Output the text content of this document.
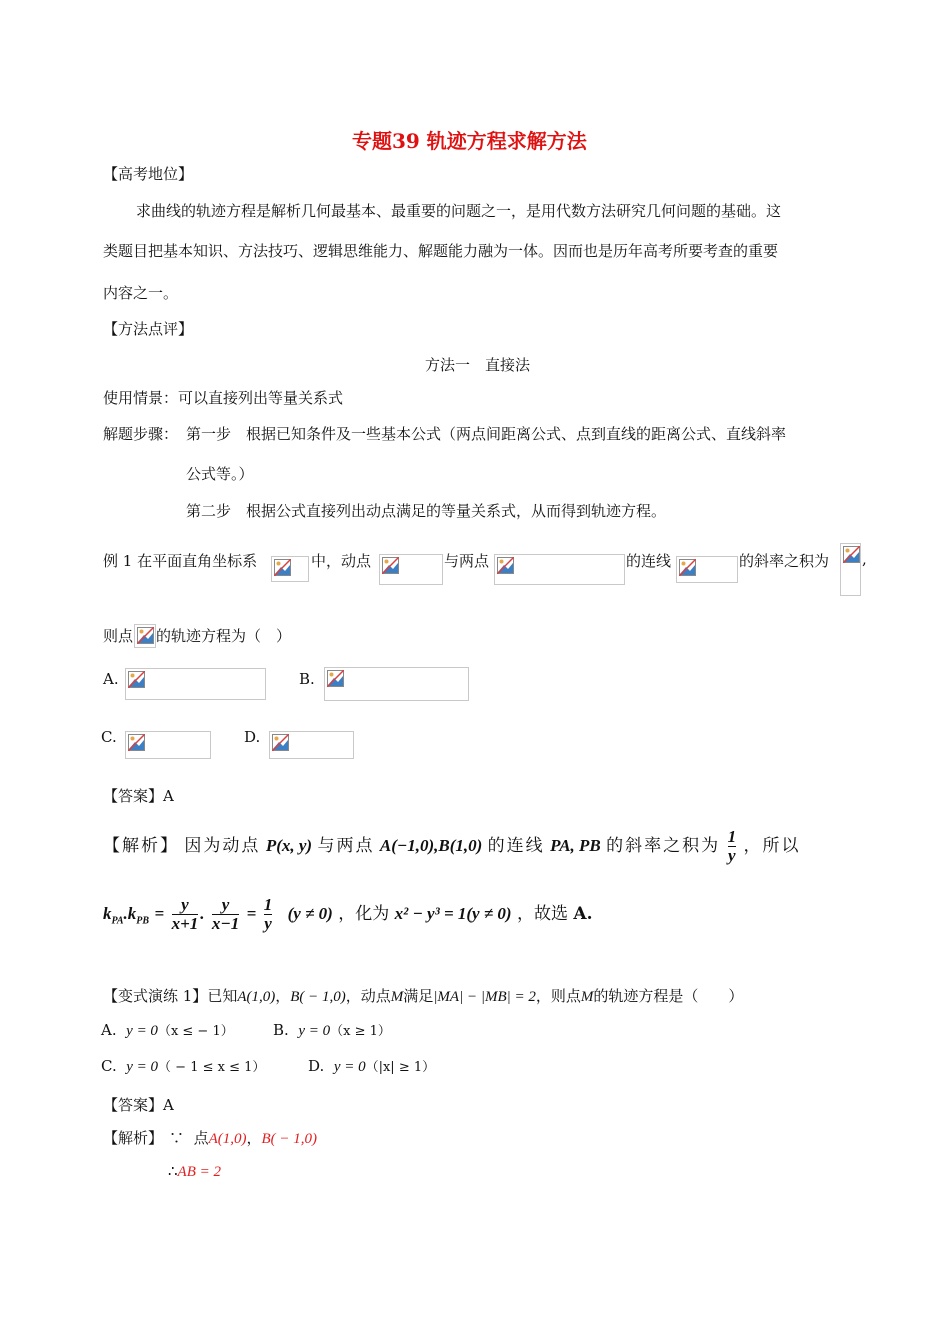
专题39 轨迹方程求解方法
【高考地位】
求曲线的轨迹方程是解析几何最基本、最重要的问题之一，是用代数方法研究几何问题的基础。这
类题目把基本知识、方法技巧、逻辑思维能力、解题能力融为一体。因而也是历年高考所要考查的重要
内容之一。
【方法点评】
方法一　直接法
使用情景：可以直接列出等量关系式
解题步骤： 第一步　根据已知条件及一些基本公式（两点间距离公式、点到直线的距离公式、直线斜率
公式等。）
第二步　根据公式直接列出动点满足的等量关系式，从而得到轨迹方程。
例 1 在平面直角坐标系	中，动点	与两点	的连线	的斜率之积为 ,
则点 的轨迹方程为（　）
A.	B.
C.	D.
【答案】A
【解析】 因为动点 P(x, y) 与两点 A(−1,0),B(1,0) 的连线 PA, PB 的斜率之积为 $\frac{1}{y}$ ，所以
$k_{PA}.k_{PB} = \frac{y}{x+1}$ . $\frac{y}{x-1} = \frac{1}{y} (y \ne 0)$ ，化为 x² − y³ = 1(y ≠ 0) ，故选 A.
【变式演练 1】已知A(1,0)，B( − 1,0)，动点M满足|MA| − |MB| = 2，则点M的轨迹方程是（　　）
A. y = 0（x ≤ − 1）	B. y = 0（x ≥ 1）
C. y = 0（ − 1 ≤ x ≤ 1）	D. y = 0（|x| ≥ 1）
【答案】A
【解析】 ∵ 点A(1,0)，B( − 1,0)
∴AB = 2
